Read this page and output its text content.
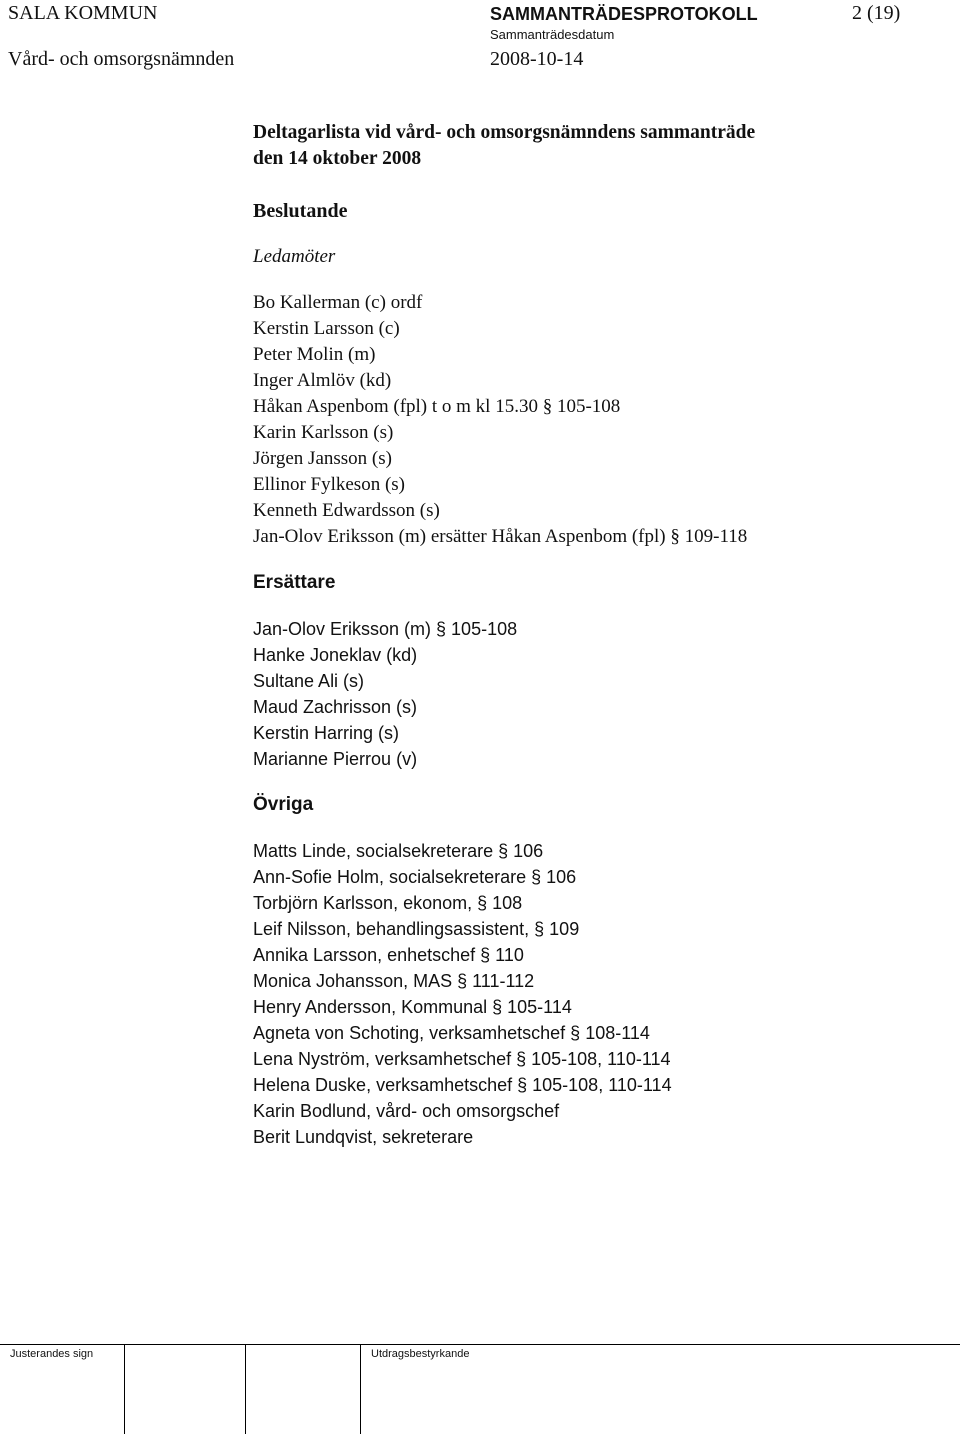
SALA KOMMUN
Vård- och omsorgsnämnden
SAMMANTRÄDESPROTOKOLL
Sammanträdesdatum
2008-10-14
2 (19)
Deltagarlista vid vård- och omsorgsnämndens sammanträde
den 14 oktober 2008
Beslutande
Ledamöter
Bo Kallerman (c) ordf
Kerstin Larsson (c)
Peter Molin (m)
Inger Almlöv (kd)
Håkan Aspenbom (fpl) t o m kl 15.30 § 105-108
Karin Karlsson (s)
Jörgen Jansson (s)
Ellinor Fylkeson (s)
Kenneth Edwardsson (s)
Jan-Olov Eriksson (m) ersätter Håkan Aspenbom (fpl) § 109-118
Ersättare
Jan-Olov Eriksson (m) § 105-108
Hanke Joneklav (kd)
Sultane Ali (s)
Maud Zachrisson (s)
Kerstin Harring (s)
Marianne Pierrou (v)
Övriga
Matts Linde, socialsekreterare § 106
Ann-Sofie Holm, socialsekreterare § 106
Torbjörn Karlsson, ekonom, § 108
Leif Nilsson, behandlingsassistent, § 109
Annika Larsson, enhetschef § 110
Monica Johansson, MAS § 111-112
Henry Andersson, Kommunal § 105-114
Agneta von Schoting, verksamhetschef § 108-114
Lena Nyström, verksamhetschef § 105-108, 110-114
Helena Duske, verksamhetschef § 105-108, 110-114
Karin Bodlund, vård- och omsorgschef
Berit Lundqvist, sekreterare
Justerandes sign	Utdragsbestyrkande
